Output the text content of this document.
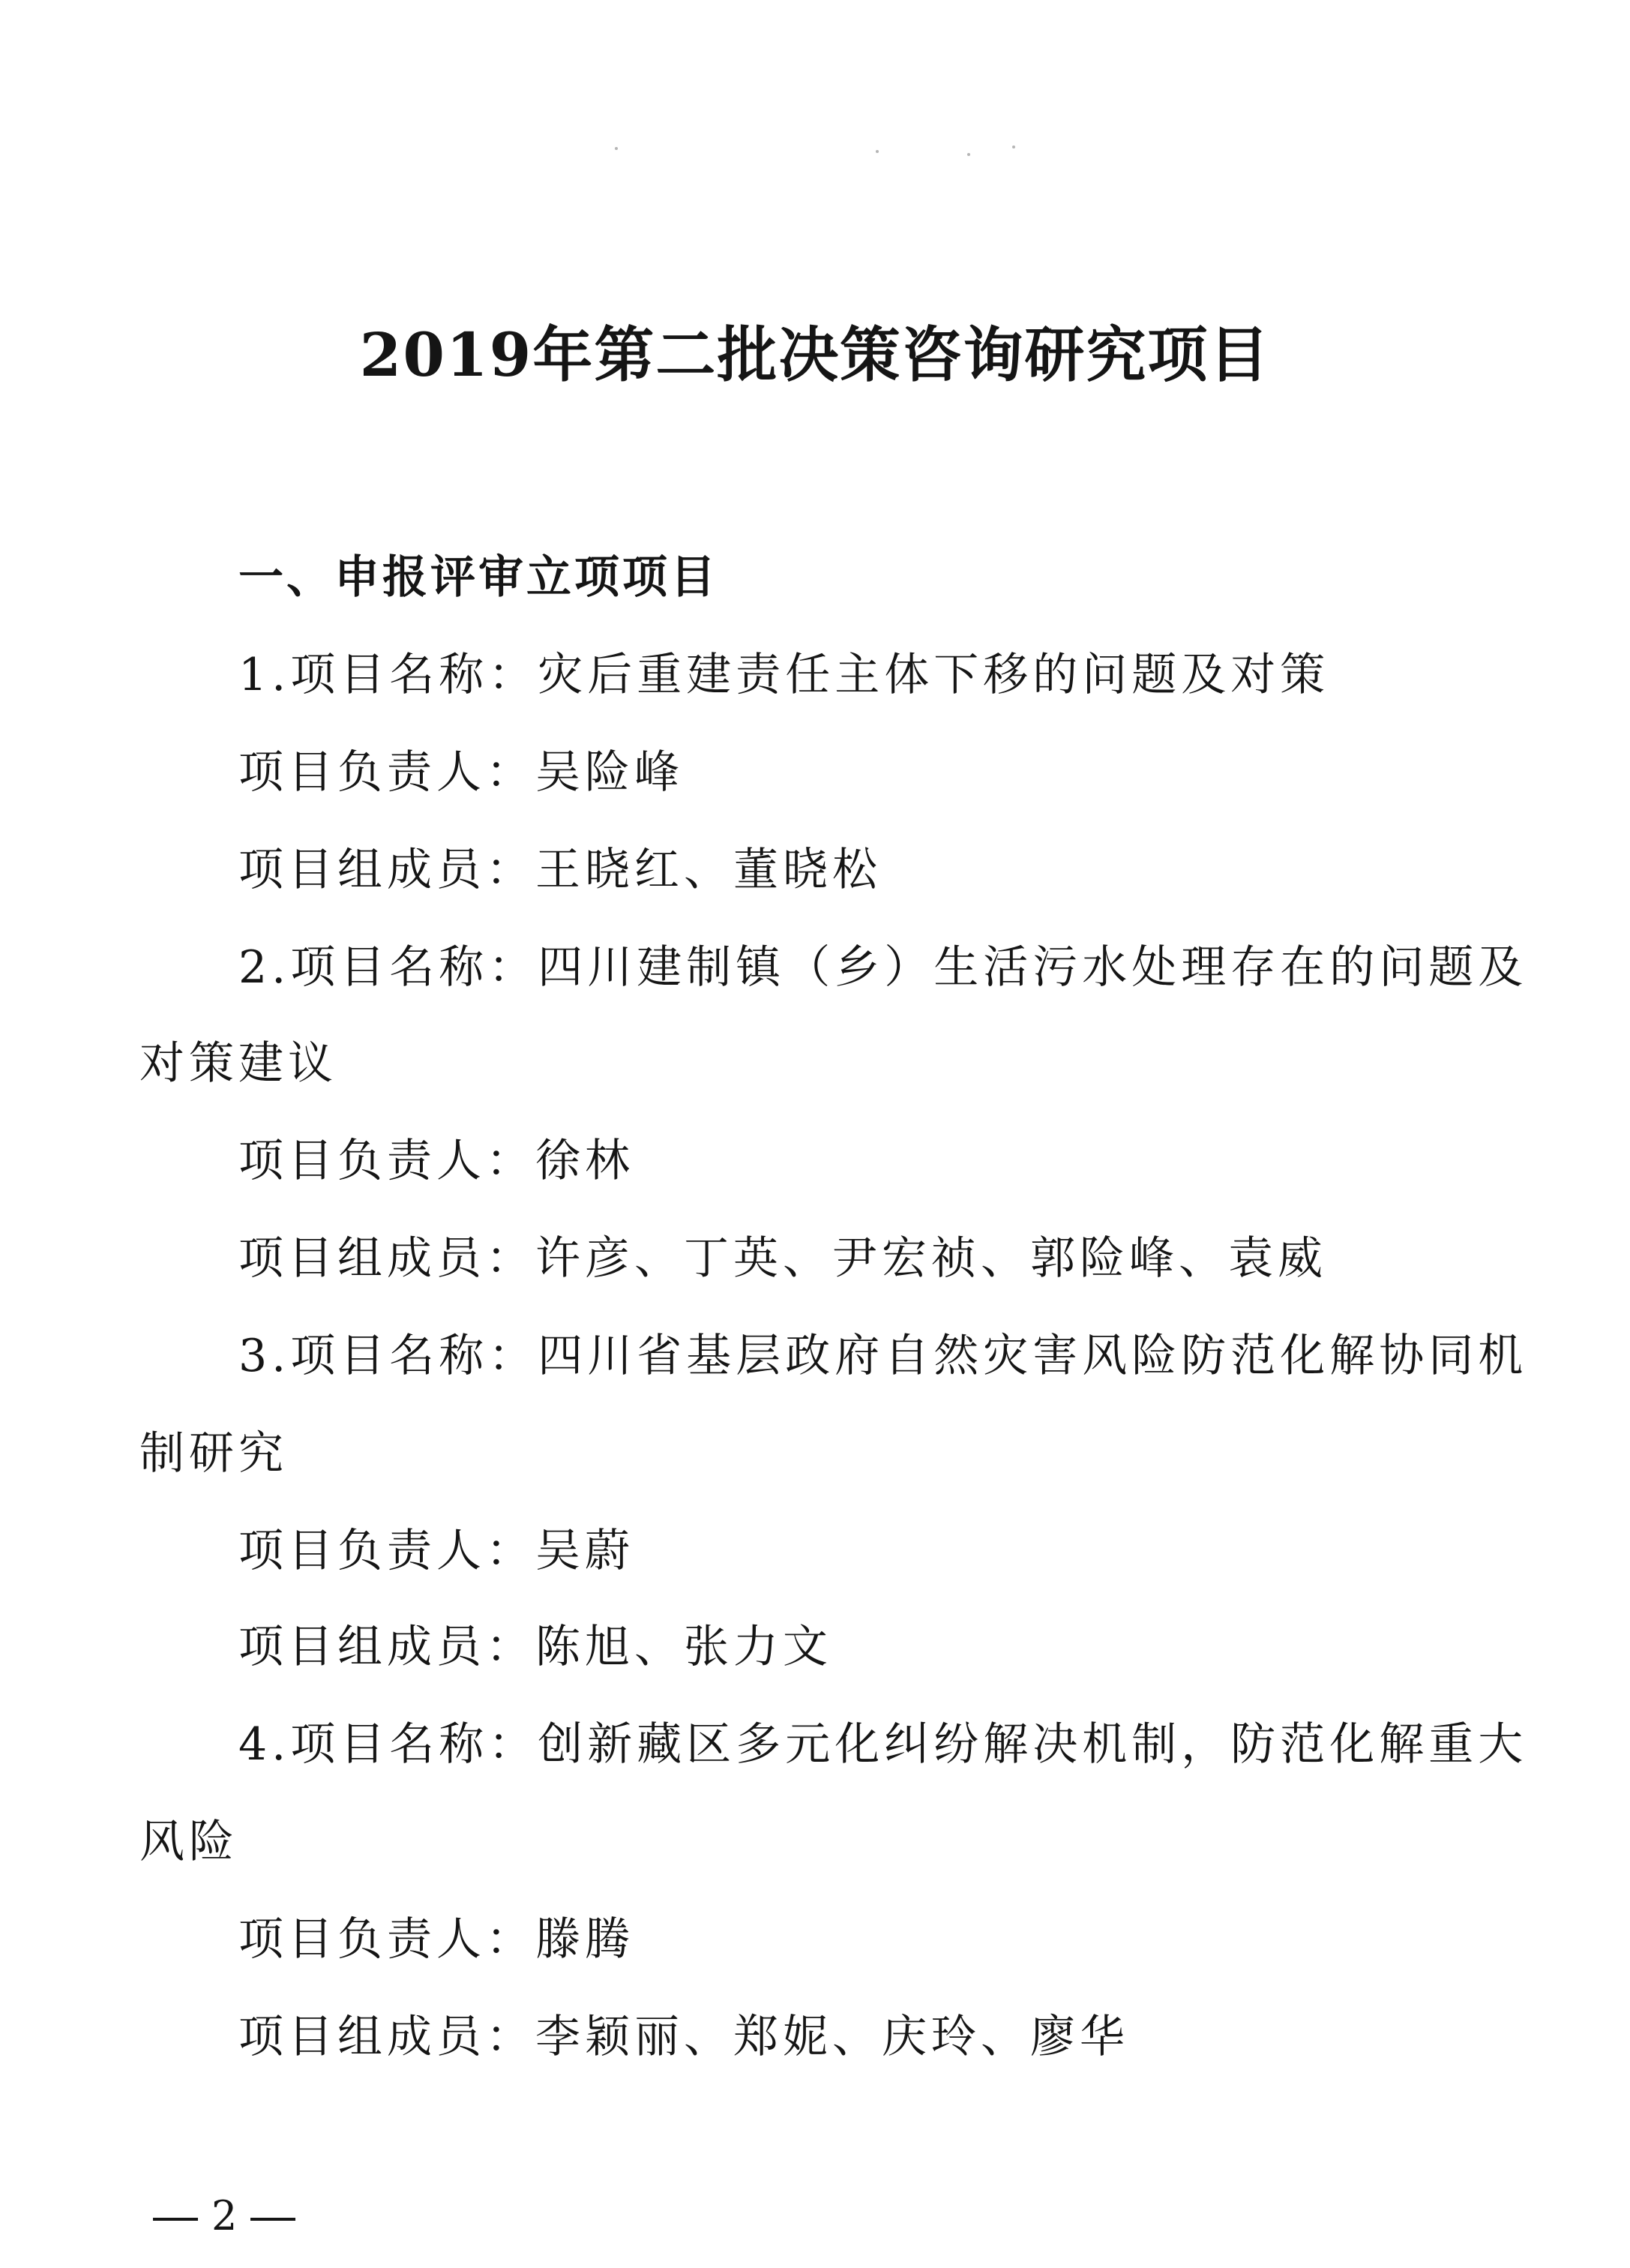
2019年第二批决策咨询研究项目
一、申报评审立项项目
1.项目名称：灾后重建责任主体下移的问题及对策
项目负责人：吴险峰
项目组成员：王晓红、董晓松
2.项目名称：四川建制镇（乡）生活污水处理存在的问题及
对策建议
项目负责人：徐林
项目组成员：许彦、丁英、尹宏祯、郭险峰、袁威
3.项目名称：四川省基层政府自然灾害风险防范化解协同机
制研究
项目负责人：吴蔚
项目组成员：陈旭、张力文
4.项目名称：创新藏区多元化纠纷解决机制，防范化解重大
风险
项目负责人：滕腾
项目组成员：李颖丽、郑妮、庆玲、廖华
2
